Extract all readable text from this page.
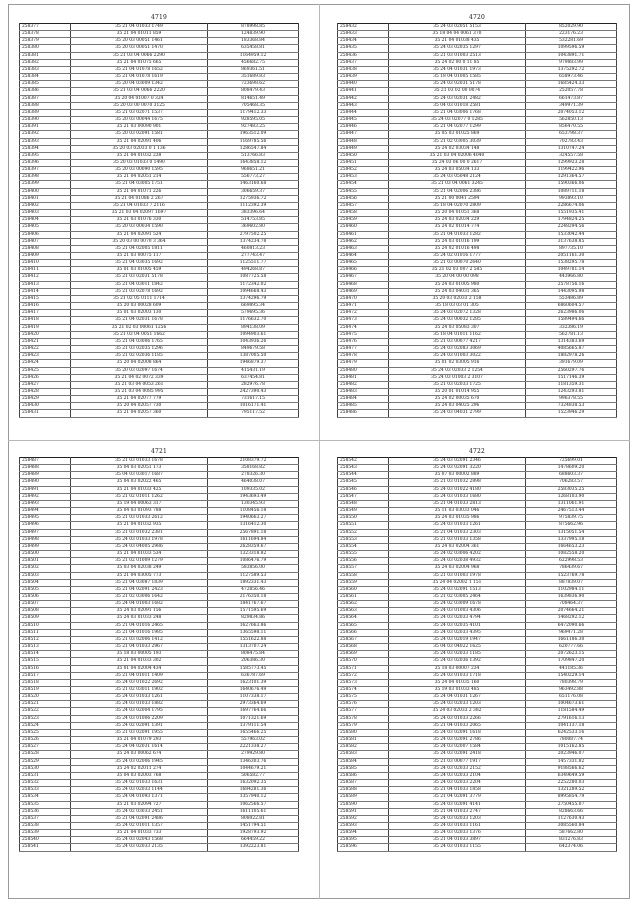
4719
258377	35 21 04 01033 1749	878998.85
258378	35 21 04 01011 859	124839.90
258379	35 20 03 00051 1461	183368.84
258380	35 20 03 00051 1470	635458.81
258381	35 21 03 04 0066 2290	1164959.12
258382	35 21 04 01075 665	456682.75
258383	35 21 04 01078 1652	869361.51
258384	35 21 04 01078 1619	351689.83
258385	35 20 04 03009 1342	723698.62
258386	35 21 03 04 0066 2220	808479.43
258387	35 20 04 01007 0 324	814651.49
258388	35 20 03 00 0070 3125	705468.35
258389	35 21 03 02071 1537	1179412.33
258390	35 20 03 00044 1675	928595.05
258391	35 21 03 00090 901	927483.25
258392	35 20 03 02091 1581	1963512.09
258393	35 21 04 02091 406	1169785.56
258394	35 20 03 02033 0 1 136	1286547.84
258395	35 21 04 01032 238	513766.83
258396	35 20 03 01033 0 1490	1643858.12
258397	35 20 03 00090 1595	968651.21
258398	35 21 04 02051 214	556773.27
258399	35 21 04 03005 1751	1463160.68
258400	35 21 04 01071 226	306659.37
258401	35 21 04 01086 2 267	1275936.72
258402	35 21 04 01033 7 2116	1112392.39
258403	35 21 03 04 02097 1697	383396.64
258404	35 21 03 01076 330	514753.85
258405	35 20 03 00034 1590	369602.80
258406	35 21 04 02091 524	2797502.25
258407	35 20 03 00 0070 3 364	1374234.78
258408	35 21 04 02005 1811	460813.23
258409	35 21 03 00075 117	277743.47
258410	35 21 04 03035 1692	1125511.77
258411	35 01 03 01005 459	494268.87
258412	35 21 03 02031 5178	1087725.58
258413	35 21 04 03011 1842	1172342.02
258414	35 21 03 02078 1692	1094668.43
258415	35 21 02 05 0111 1714	1374296.79
258416	35 20 03 00028 609	669895.34
258417	35 01 03 02003 130	579695.36
258418	35 21 04 02031 1678	1176632.70
258419	35 21 02 03 00061 1256	894138.09
258420	35 21 03 04 0051 1662	1094903.61
258421	35 21 04 03006 1765	1043936.26
258422	35 21 03 02035 1296	849679.58
258423	35 21 02 02036 1185	1387005.50
258424	35 20 04 02008 864	1946879.37
258425	35 20 03 02097 1674	415431.19
258426	35 21 04 02 0072 339	637454.81
258427	35 21 03 04 0053 261	282976.78
258428	35 21 03 04 0085 995	2427390.43
258429	35 21 04 02077 779	731617.15
258430	35 20 04 02057 730	1016171.41
258431	35 21 04 02057 360	795117.52
4720
258432	35 24 03 02051 5153	852029.90
258433	35 18 04 04 0061 370	223176.23
258434	35 21 04 01038 435	532281.69
258435	35 24 03 02035 1297	1099596.59
258436	35 21 03 01003 2513	1043891.71
258437	35 24 02 00 0 11 85	979883.99
258438	35 24 04 01031 1973	1375292.72
258439	35 18 04 01005 1585	658973.46
258440	35 24 03 02031 5178	1685424.33
258441	35 21 03 02 00 0074	252057.78
258442	35 24 03 02031 2482	661473.87
258443	35 04 03 01018 2581	349971.39
258444	35 21 04 03006 1768	2074053.12
258445	35 24 03 02077 0 1285	562850.13
258446	35 21 04 02077 1299	856470.55
258447	35 05 03 01025 869	653798.37
258448	35 21 02 03005 3039	702783.43
258449	35 24 02 03034 148	1310747.24
258450	35 21 03 04 02006 4040	324557.58
258451	35 24 03 06 00 0 2617	1299923.28
258452	35 24 03 05034 133	1199422.96
258453	35 24 03 05048 2124	1291364.57
258454	35 21 03 04 0061 3245	1590366.06
258455	35 21 04 02006 2386	1089711.18
258456	35 21 00 0041 2594	993893.10
258457	35 18 04 02070 2809	2286674.06
258458	35 20 04 01051 368	1551935.41
258459	35 24 03 02034 229	1794824.25
258460	35 24 02 01014 774	2248294.56
258461	35 21 04 01033 1282	1533042.44
258462	35 24 03 01016 199	3137638.85
258463	35 24 02 01016 498	897735.10
258464	35 24 02 01016 1777	2051161.30
258465	35 21 03 00070 2640	1538295.78
258466	35 21 02 03 007 2 585	1049781.14
258467	35 20 04 00 00 098	443966.80
258468	35 24 03 01005 980	2578756.16
258469	35 24 03 04031 365	1443095.98
258470	35 20 03 02033 2 158	553486.89
258471	35 18 03 03 01 305	6860604.57
258472	35 24 03 02072 1328	2623986.06
258473	35 24 03 00032 1285	1589494.66
258474	35 24 03 05083 307	332386.19
258475	35 18 04 01011 1162	562781.13
258476	35 21 03 00077 4217	1314383.69
258477	35 24 03 02083 3069	4085665.87
258478	35 24 03 01003 3022	1882978.26
258479	35 01 02 03005 916	391679.09
258480	35 24 03 02033 2 1254	2560297.76
258481	35 24 03 01003 2 3107	1517146.39
258482	35 21 03 02033 1725	1181359.31
258483	35 20 01 01014 955	1243293.81
258484	35 24 02 00035 670	996378.55
258485	35 24 03 04025 296	7324838.53
258486	35 24 03 04031 2799	1523946.29
4721
258487	35 21 03 01033 1678	2108379.72
258488	35 04 03 02051 173	358168.82
258489	35 04 03 03017 1687	278326.30
258490	35 04 03 02022 465	464038.07
258491	35 21 04 01033 425	109335.02
258492	35 21 02 01011 1262	1943693.49
258493	35 19 04 00063 317	130345.93
258494	35 04 03 01093 788	1108456.18
258495	35 21 03 01033 2612	1940663.27
258496	35 21 04 01032 935	1316412.30
258497	35 21 03 01032 2381	2567891.18
258498	35 24 03 01033 1978	1611694.84
258499	35 24 03 04005 2986	2628359.67
258500	35 21 04 01033 534	1323318.82
258501	35 21 02 01009 1279	1086476.79
258502	35 03 04 02038 249	583856.00
258503	35 21 04 03005 773	1127589.53
258504	35 21 04 03087 1839	1892331.43
258505	35 21 04 02091 2423	472856.46
258506	35 21 02 03006 1642	2176350.18
258507	35 24 04 01003 1682	1841767.67
258508	35 24 03 02091 156	1571595.69
258509	35 24 03 01033 248	829834.86
258510	35 21 04 01016 2465	1627663.86
258511	35 21 04 01016 1985	1365598.11
258512	35 21 03 02006 1412	1551622.88
258513	35 21 04 01033 2967	1313707.24
258514	35 18 03 00005 193	808475.84
258515	35 21 04 01033 302	206386.30
258516	35 01 04 02004 434	1585773.45
258517	35 21 04 01011 1409	636787.69
258518	35 24 03 01022 2692	1623101.39
258519	35 21 02 03011 1902	1640676.49
258520	35 24 03 01033 1261	1107338.17
258521	35 24 03 01033 1882	2973364.69
258522	35 24 03 02004 1795	1697764.66
258523	35 24 03 01006 2209	1071321.69
258524	35 24 02 02091 1391	1379111.54
258525	35 21 03 02091 1955	1655466.25
258526	35 21 04 01079 293	557963.02
258527	35 24 04 02031 1614	2221338.27
258528	35 24 03 00062 674	279929.80
258529	35 24 03 02006 1945	1346303.76
258530	35 24 02 02011 274	1044679.21
258531	35 04 03 02003 768	506582.77
258532	35 24 02 01033 1631	1632092.35
258533	35 24 03 02033 1144	1684281.36
258534	35 24 04 01093 1371	1357940.12
258535	35 21 03 02094 727	1062566.57
258536	35 24 02 03033 2451	1611105.61
258537	35 21 04 02091 2486	808022.81
258538	35 24 02 01011 1357	1451794.51
258539	35 21 04 01033 733	1928793.92
258540	35 24 03 02043 1568	664459.22
258541	35 24 03 02033 2135	1392223.81
4722
258542	35 24 03 02091 2346	725699.01
258543	35 24 03 02091 3220	1478609.20
258544	35 07 03 00002 889	688603.37
258545	35 21 03 01032 2898	706283.57
258546	35 24 03 01022 4180	2583035.25
258547	35 24 03 01033 1680	1268103.90
258548	35 21 04 01033 2813	1311061.91
258549	35 11 03 03033 046	2467513.44
258550	35 24 03 01035 986	975839.75
258551	35 24 03 01033 1261	875662.96
258552	35 21 04 01033 2303	1315051.54
258553	35 21 03 01033 1358	1337995.18
258554	35 24 03 02004 361	1664653.23
258555	35 24 02 03006 4202	1082558.20
258556	35 24 03 02038 4932	622998.53
258557	35 24 03 02004 968	786439.67
258558	35 21 03 01003 1978	1523769.78
258559	35 24 04 02002 1 151	887839.07
258560	35 24 03 02091 1513	1102984.11
258561	35 21 02 03005 2464	1639836.90
258562	35 24 02 03009 1678	708464.37
258563	35 24 03 01003 4306	2074664.21
258564	35 24 03 02033 4794	1468292.12
258565	35 24 03 02035 4101	6472090.66
258566	35 24 03 02033 4395	969471.28
258567	35 24 03 02019 1947	1661186.30
258568	35 04 03 04022 1625	620777.66
258569	35 24 03 02033 1185	2072623.15
258570	35 24 03 02036 1392	1709847.20
258571	35 18 03 00007 234	441185.36
258572	35 24 03 01033 1718	1540229.14
258573	35 24 04 01035 160	780398.79
258574	35 19 03 01033 485	963492.88
258575	35 24 04 01031 1267	651176.08
258576	35 24 03 02033 1203	1004673.61
258577	35 24 03 02033 2 382	1181584.49
258578	35 24 03 01033 2266	2791616.13
258579	35 21 04 01033 2065	1041137.18
258580	35 24 03 02091 1618	6242533.16
258581	35 24 03 02091 2786	780087.74
258582	35 24 03 02007 1584	1015162.85
258583	35 24 03 02091 2418	2023946.07
258584	35 21 03 00077 1917	1457331.82
258585	35 24 03 02033 2152	9188566.62
258586	35 24 03 02033 2104	6349649.59
258587	35 24 03 02033 2204	2252280.03
258588	35 21 04 01033 1858	1321289.52
258589	35 21 04 02091 3779	8995854.79
258590	35 24 03 02091 4141	2750455.07
258591	35 21 04 01033 2747	828663.66
258592	35 24 03 02033 1203	1127630.43
258593	35 24 03 01033 1161	3085560.84
258594	35 24 03 02033 1376	587662.80
258595	35 21 04 01033 3897	831276.83
258596	35 24 03 01033 1155	642374.06
